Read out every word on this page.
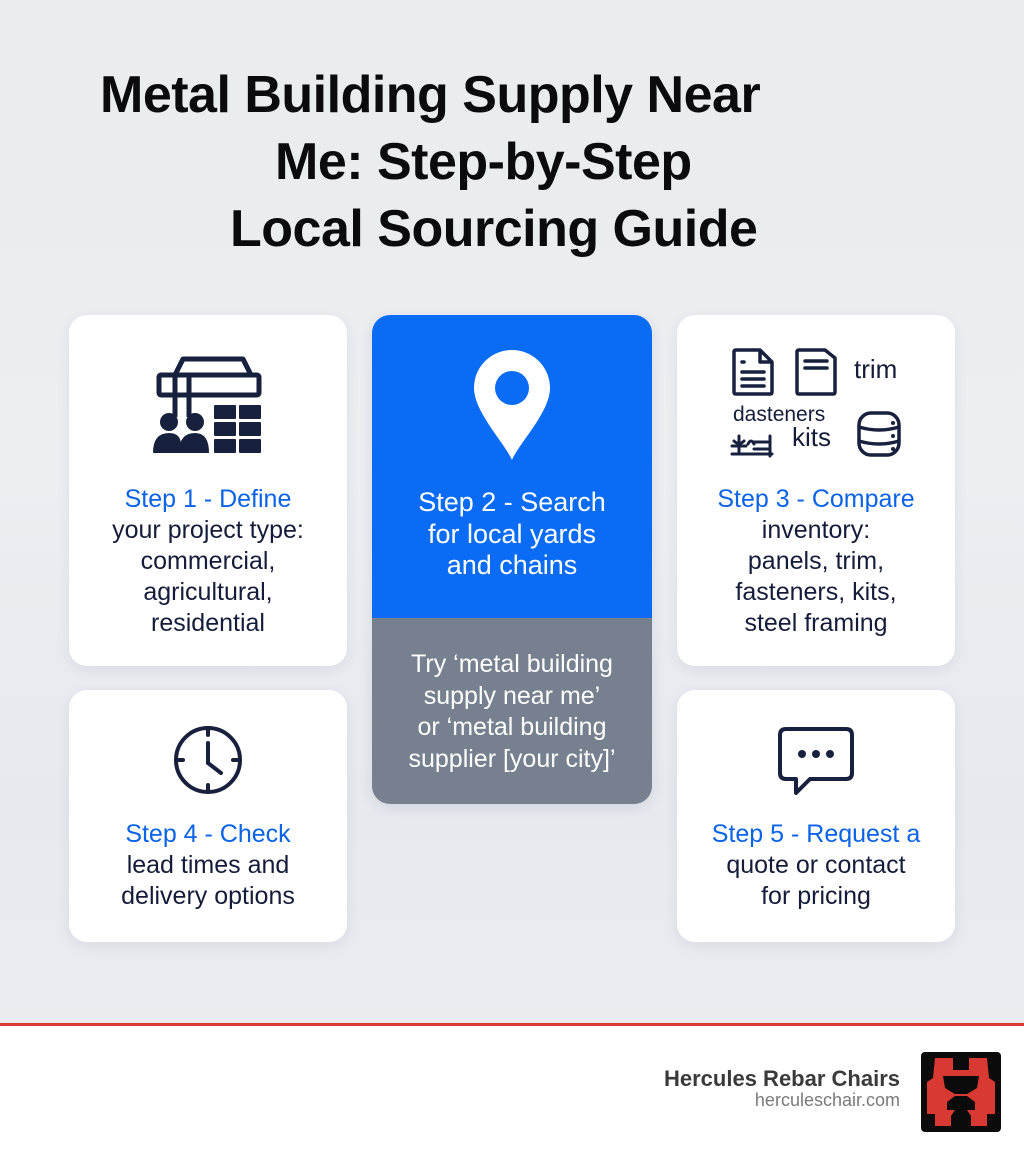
Metal Building Supply Near
Me: Step-by-Step
Local Sourcing Guide
Step 1 - Define
your project type:
commercial,
agricultural,
residential
Step 2 - Search
for local yards
and chains
Try ‘metal building
supply near me’
or ‘metal building
supplier [your city]’
trim
dasteners
kits
Step 3 - Compare
inventory:
panels, trim,
fasteners, kits,
steel framing
Step 4 - Check
lead times and
delivery options
Step 5 - Request a
quote or contact
for pricing
Hercules Rebar Chairs
herculeschair.com
